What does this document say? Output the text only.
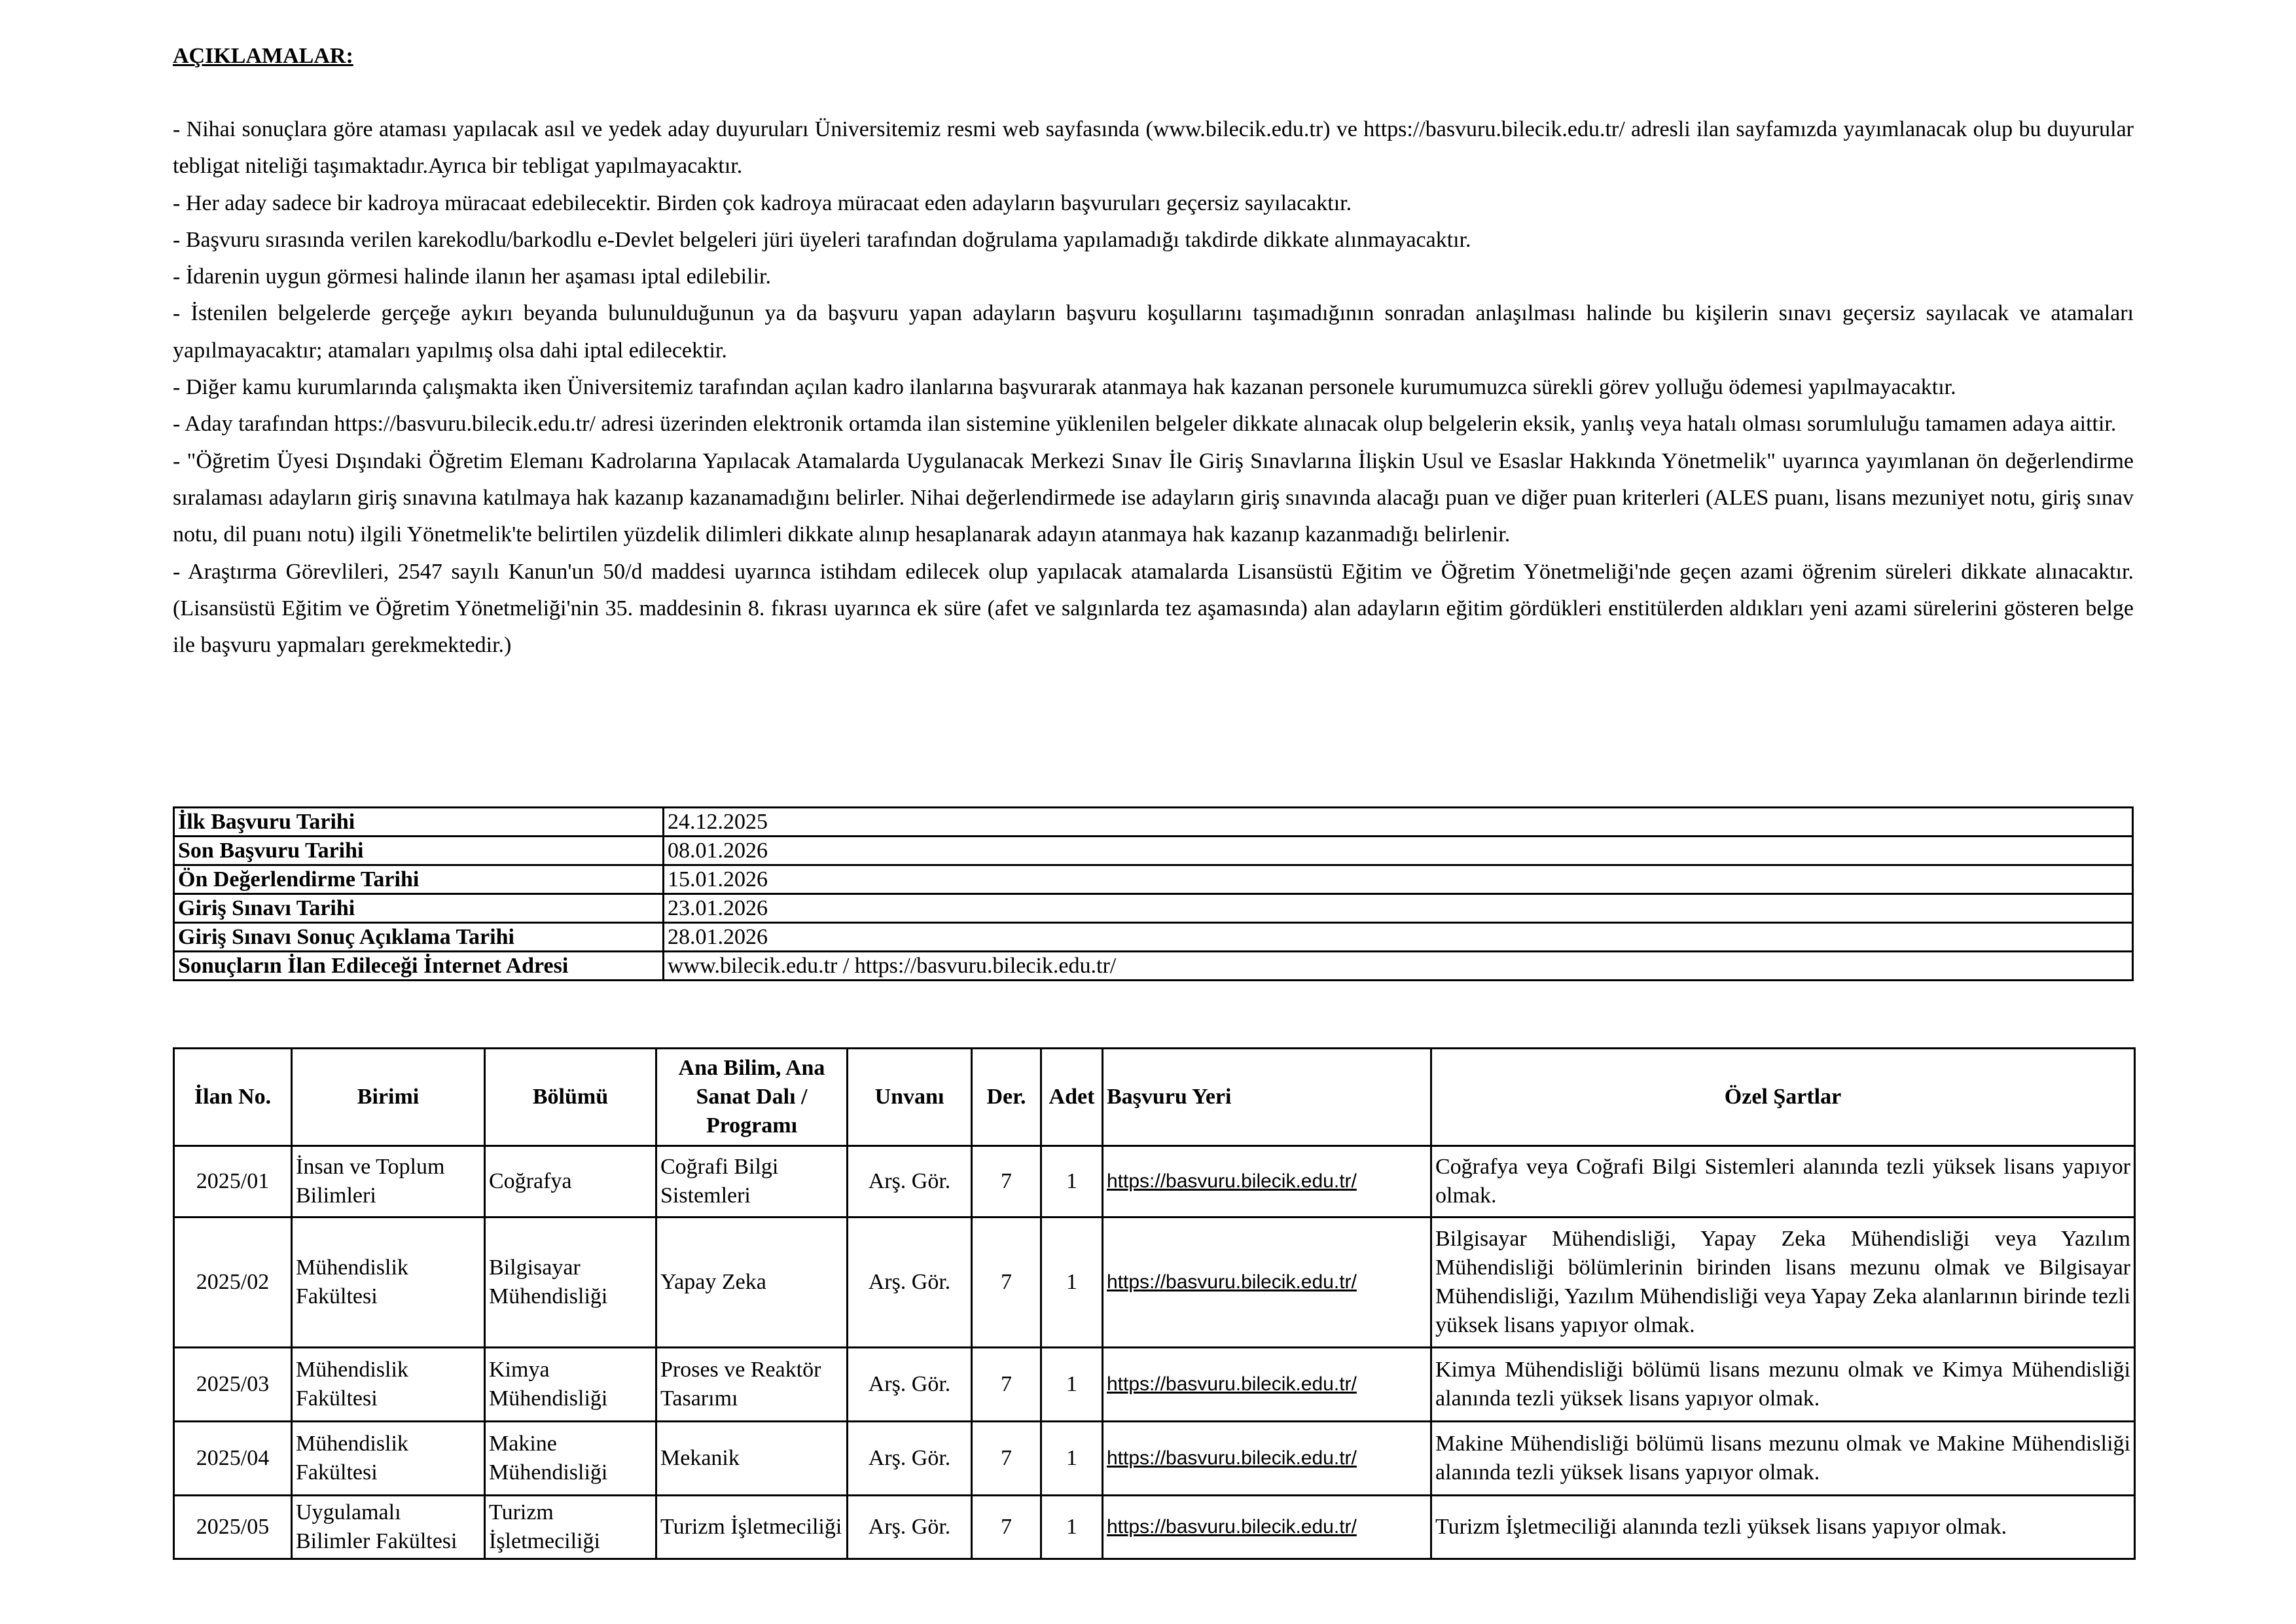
AÇIKLAMALAR:

- Nihai sonuçlara göre ataması yapılacak asıl ve yedek aday duyuruları Üniversitemiz resmi web sayfasında (www.bilecik.edu.tr) ve https://basvuru.bilecik.edu.tr/ adresli ilan sayfamızda yayımlanacak olup bu duyurular tebligat niteliği taşımaktadır.Ayrıca bir tebligat yapılmayacaktır.

- Her aday sadece bir kadroya müracaat edebilecektir. Birden çok kadroya müracaat eden adayların başvuruları geçersiz sayılacaktır.

- Başvuru sırasında verilen karekodlu/barkodlu e-Devlet belgeleri jüri üyeleri tarafından doğrulama yapılamadığı takdirde dikkate alınmayacaktır.

- İdarenin uygun görmesi halinde ilanın her aşaması iptal edilebilir.

- İstenilen belgelerde gerçeğe aykırı beyanda bulunulduğunun ya da başvuru yapan adayların başvuru koşullarını taşımadığının sonradan anlaşılması halinde bu kişilerin sınavı geçersiz sayılacak ve atamaları yapılmayacaktır; atamaları yapılmış olsa dahi iptal edilecektir.

- Diğer kamu kurumlarında çalışmakta iken Üniversitemiz tarafından açılan kadro ilanlarına başvurarak atanmaya hak kazanan personele kurumumuzca sürekli görev yolluğu ödemesi yapılmayacaktır.

- Aday tarafından https://basvuru.bilecik.edu.tr/ adresi üzerinden elektronik ortamda ilan sistemine yüklenilen belgeler dikkate alınacak olup belgelerin eksik, yanlış veya hatalı olması sorumluluğu tamamen adaya aittir.

- "Öğretim Üyesi Dışındaki Öğretim Elemanı Kadrolarına Yapılacak Atamalarda Uygulanacak Merkezi Sınav İle Giriş Sınavlarına İlişkin Usul ve Esaslar Hakkında Yönetmelik" uyarınca yayımlanan ön değerlendirme sıralaması adayların giriş sınavına katılmaya hak kazanıp kazanamadığını belirler. Nihai değerlendirmede ise adayların giriş sınavında alacağı puan ve diğer puan kriterleri (ALES puanı, lisans mezuniyet notu, giriş sınav notu, dil puanı notu) ilgili Yönetmelik'te belirtilen yüzdelik dilimleri dikkate alınıp hesaplanarak adayın atanmaya hak kazanıp kazanmadığı belirlenir.

- Araştırma Görevlileri, 2547 sayılı Kanun'un 50/d maddesi uyarınca istihdam edilecek olup yapılacak atamalarda Lisansüstü Eğitim ve Öğretim Yönetmeliği'nde geçen azami öğrenim süreleri dikkate alınacaktır. (Lisansüstü Eğitim ve Öğretim Yönetmeliği'nin 35. maddesinin 8. fıkrası uyarınca ek süre (afet ve salgınlarda tez aşamasında) alan adayların eğitim gördükleri enstitülerden aldıkları yeni azami sürelerini gösteren belge ile başvuru yapmaları gerekmektedir.)

İlk Başvuru Tarihi	24.12.2025
Son Başvuru Tarihi	08.01.2026
Ön Değerlendirme Tarihi	15.01.2026
Giriş Sınavı Tarihi	23.01.2026
Giriş Sınavı Sonuç Açıklama Tarihi	28.01.2026
Sonuçların İlan Edileceği İnternet Adresi	www.bilecik.edu.tr / https://basvuru.bilecik.edu.tr/
İlan No.	Birimi	Bölümü	Ana Bilim, Ana Sanat Dalı / Programı	Unvanı	Der.	Adet	Başvuru Yeri	Özel Şartlar
2025/01	İnsan ve Toplum Bilimleri	Coğrafya	Coğrafi Bilgi Sistemleri	Arş. Gör.	7	1	https://basvuru.bilecik.edu.tr/	Coğrafya veya Coğrafi Bilgi Sistemleri alanında tezli yüksek lisans yapıyor olmak.
2025/02	Mühendislik Fakültesi	Bilgisayar Mühendisliği	Yapay Zeka	Arş. Gör.	7	1	https://basvuru.bilecik.edu.tr/	Bilgisayar Mühendisliği, Yapay Zeka Mühendisliği veya Yazılım Mühendisliği bölümlerinin birinden lisans mezunu olmak ve Bilgisayar Mühendisliği, Yazılım Mühendisliği veya Yapay Zeka alanlarının birinde tezli yüksek lisans yapıyor olmak.
2025/03	Mühendislik Fakültesi	Kimya Mühendisliği	Proses ve Reaktör Tasarımı	Arş. Gör.	7	1	https://basvuru.bilecik.edu.tr/	Kimya Mühendisliği bölümü lisans mezunu olmak ve Kimya Mühendisliği alanında tezli yüksek lisans yapıyor olmak.
2025/04	Mühendislik Fakültesi	Makine Mühendisliği	Mekanik	Arş. Gör.	7	1	https://basvuru.bilecik.edu.tr/	Makine Mühendisliği bölümü lisans mezunu olmak ve Makine Mühendisliği alanında tezli yüksek lisans yapıyor olmak.
2025/05	Uygulamalı Bilimler Fakültesi	Turizm İşletmeciliği	Turizm İşletmeciliği	Arş. Gör.	7	1	https://basvuru.bilecik.edu.tr/	Turizm İşletmeciliği alanında tezli yüksek lisans yapıyor olmak.
